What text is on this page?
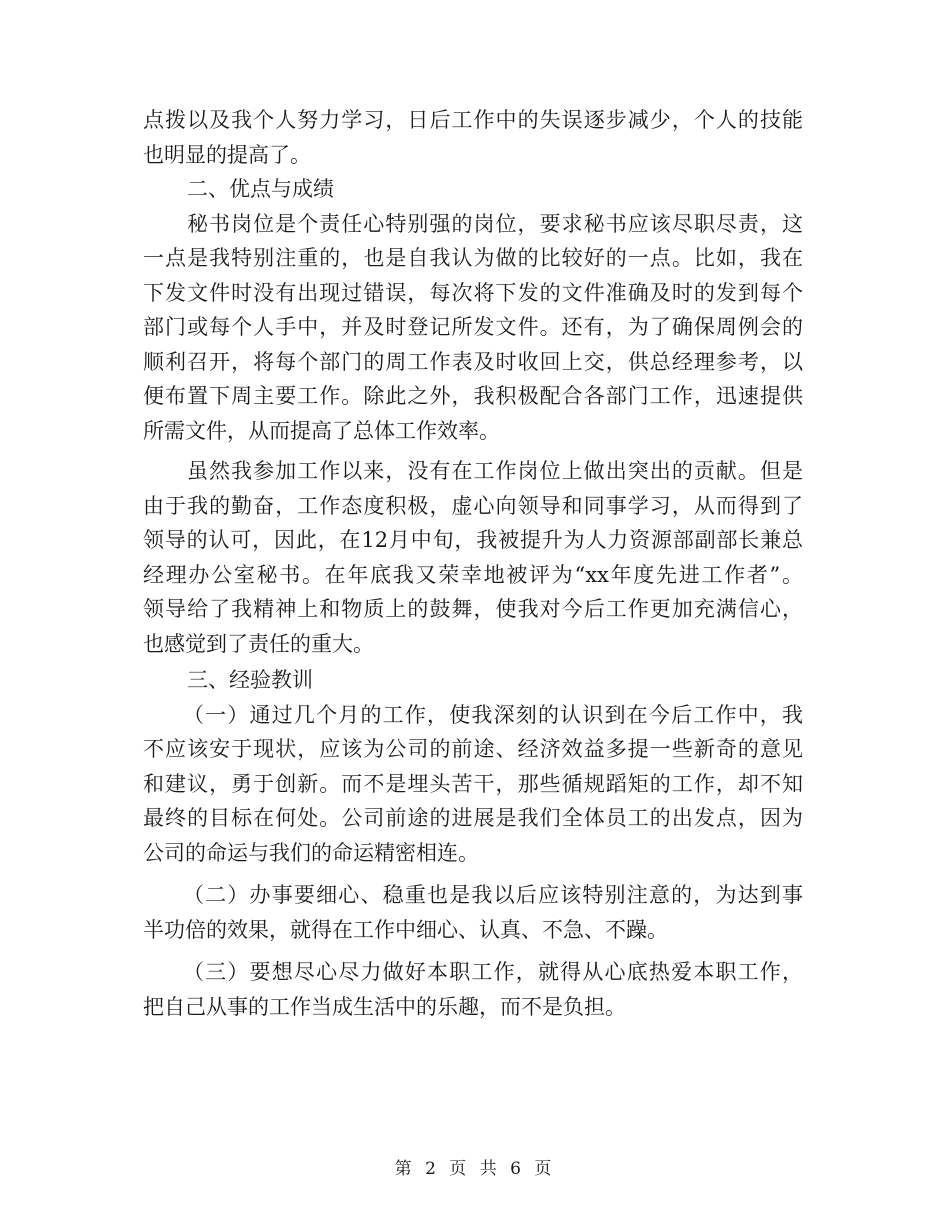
点拨以及我个人努力学习，日后工作中的失误逐步减少，个人的技能
也明显的提高了。
二、优点与成绩
秘书岗位是个责任心特别强的岗位，要求秘书应该尽职尽责，这
一点是我特别注重的，也是自我认为做的比较好的一点。比如，我在
下发文件时没有出现过错误，每次将下发的文件准确及时的发到每个
部门或每个人手中，并及时登记所发文件。还有，为了确保周例会的
顺利召开，将每个部门的周工作表及时收回上交，供总经理参考，以
便布置下周主要工作。除此之外，我积极配合各部门工作，迅速提供
所需文件，从而提高了总体工作效率。
虽然我参加工作以来，没有在工作岗位上做出突出的贡献。但是
由于我的勤奋，工作态度积极，虚心向领导和同事学习，从而得到了
领导的认可，因此，在12月中旬，我被提升为人力资源部副部长兼总
经理办公室秘书。在年底我又荣幸地被评为“xx年度先进工作者”。
领导给了我精神上和物质上的鼓舞，使我对今后工作更加充满信心，
也感觉到了责任的重大。
三、经验教训
（一）通过几个月的工作，使我深刻的认识到在今后工作中，我
不应该安于现状，应该为公司的前途、经济效益多提一些新奇的意见
和建议，勇于创新。而不是埋头苦干，那些循规蹈矩的工作，却不知
最终的目标在何处。公司前途的进展是我们全体员工的出发点，因为
公司的命运与我们的命运精密相连。
（二）办事要细心、稳重也是我以后应该特别注意的，为达到事
半功倍的效果，就得在工作中细心、认真、不急、不躁。
（三）要想尽心尽力做好本职工作，就得从心底热爱本职工作，
把自己从事的工作当成生活中的乐趣，而不是负担。
第 2 页 共 6 页
